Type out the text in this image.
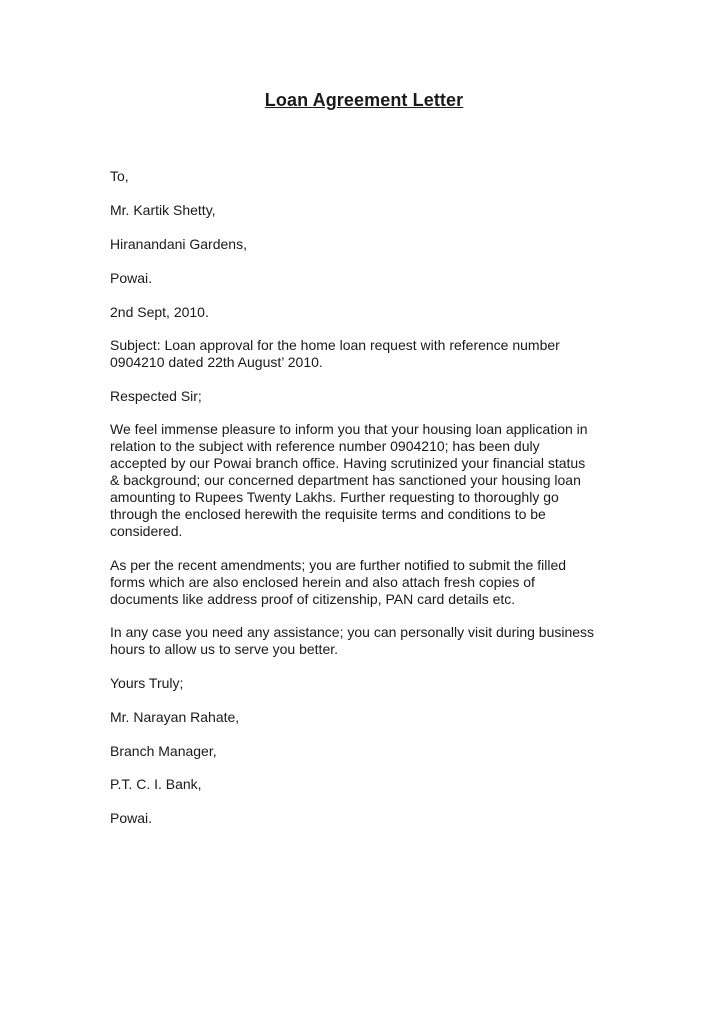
Loan Agreement Letter
To,
Mr. Kartik Shetty,
Hiranandani Gardens,
Powai.
2nd Sept, 2010.
Subject: Loan approval for the home loan request with reference number
0904210 dated 22th August’ 2010.
Respected Sir;
We feel immense pleasure to inform you that your housing loan application in
relation to the subject with reference number 0904210; has been duly
accepted by our Powai branch office. Having scrutinized your financial status
& background; our concerned department has sanctioned your housing loan
amounting to Rupees Twenty Lakhs. Further requesting to thoroughly go
through the enclosed herewith the requisite terms and conditions to be
considered.
As per the recent amendments; you are further notified to submit the filled
forms which are also enclosed herein and also attach fresh copies of
documents like address proof of citizenship, PAN card details etc.
In any case you need any assistance; you can personally visit during business
hours to allow us to serve you better.
Yours Truly;
Mr. Narayan Rahate,
Branch Manager,
P.T. C. I. Bank,
Powai.
